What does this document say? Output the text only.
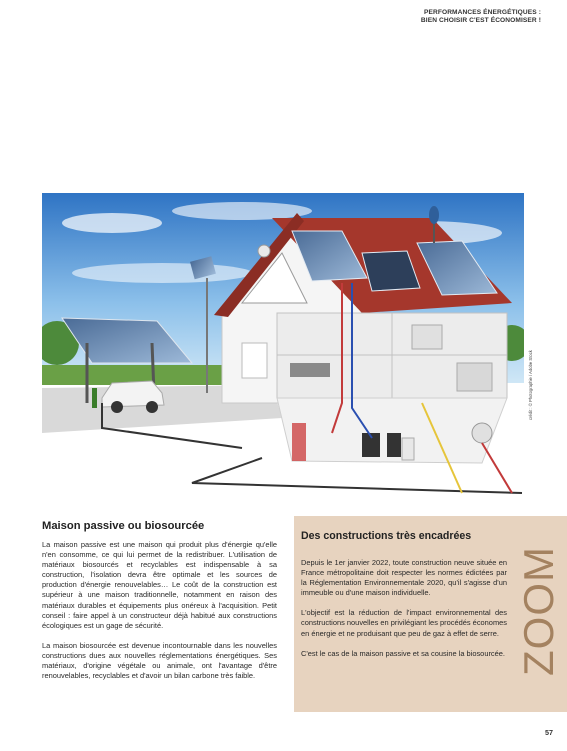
PERFORMANCES ÉNERGÉTIQUES :
BIEN CHOISIR C'EST ÉCONOMISER !
crédit : © Photographie / Adobe Stock
Maison passive ou biosourcée

La maison passive est une maison qui produit plus d'énergie qu'elle n'en consomme, ce qui lui permet de la redistribuer. L'utilisation de matériaux biosourcés et recyclables est indispensable à sa construction, l'isolation devra être optimale et les sources de production d'énergie renouvelables… Le coût de la construction est supérieur à une maison traditionnelle, notamment en raison des matériaux durables et équipements plus onéreux à l'acquisition. Petit conseil : faire appel à un constructeur déjà habitué aux constructions écologiques est un gage de sécurité.

La maison biosourcée est devenue incontournable dans les nouvelles constructions dues aux nouvelles réglementations énergétiques. Ses matériaux, d'origine végétale ou animale, ont l'avantage d'être renouvelables, recyclables et d'avoir un bilan carbone très faible.

Des constructions très encadrées

Depuis le 1er janvier 2022, toute construction neuve située en France métropolitaine doit respecter les normes édictées par la Réglementation Environnementale 2020, qu'il s'agisse d'un immeuble ou d'une maison individuelle.

L'objectif est la réduction de l'impact environnemental des constructions nouvelles en privilégiant les procédés économes en énergie et ne produisant que peu de gaz à effet de serre.

C'est le cas de la maison passive et sa cousine la biosourcée. ZOOM
57
